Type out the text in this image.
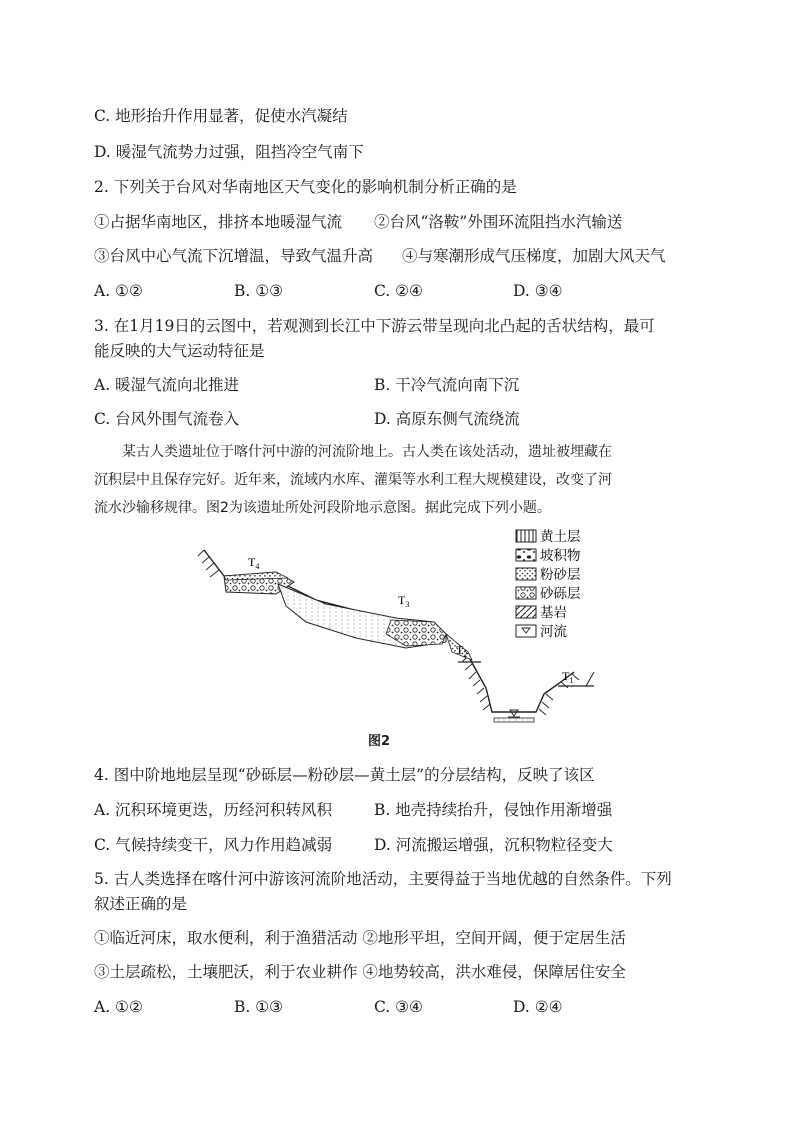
C. 地形抬升作用显著，促使水汽凝结
D. 暖湿气流势力过强，阻挡冷空气南下
2. 下列关于台风对华南地区天气变化的影响机制分析正确的是
①占据华南地区，排挤本地暖湿气流 ②台风“洛鞍”外围环流阻挡水汽输送
③台风中心气流下沉增温，导致气温升高 ④与寒潮形成气压梯度，加剧大风天气
A. ①②	B. ①③	C. ②④	D. ③④
3. 在1月19日的云图中，若观测到长江中下游云带呈现向北凸起的舌状结构，最可
能反映的大气运动特征是
A. 暖湿气流向北推进	B. 干冷气流向南下沉
C. 台风外围气流卷入	D. 高原东侧气流绕流

某古人类遗址位于喀什河中游的河流阶地上。古人类在该处活动，遗址被埋藏在

沉积层中且保存完好。近年来，流域内水库、灌渠等水利工程大规模建设，改变了河

流水沙输移规律。图2为该遗址所处河段阶地示意图。据此完成下列小题。

$T_4$
$T_3$
$T_2$
$T_1$
黄土层
坡积物
粉砂层
砂砾层
基岩
河流
图2
4. 图中阶地地层呈现“砂砾层—粉砂层—黄土层”的分层结构，反映了该区
A. 沉积环境更迭，历经河积转风积	B. 地壳持续抬升，侵蚀作用渐增强
C. 气候持续变干，风力作用趋减弱	D. 河流搬运增强，沉积物粒径变大
5. 古人类选择在喀什河中游该河流阶地活动，主要得益于当地优越的自然条件。下列
叙述正确的是
①临近河床，取水便利，利于渔猎活动 ②地形平坦，空间开阔，便于定居生活
③土层疏松，土壤肥沃，利于农业耕作 ④地势较高，洪水难侵，保障居住安全
A. ①②	B. ①③	C. ③④	D. ②④
